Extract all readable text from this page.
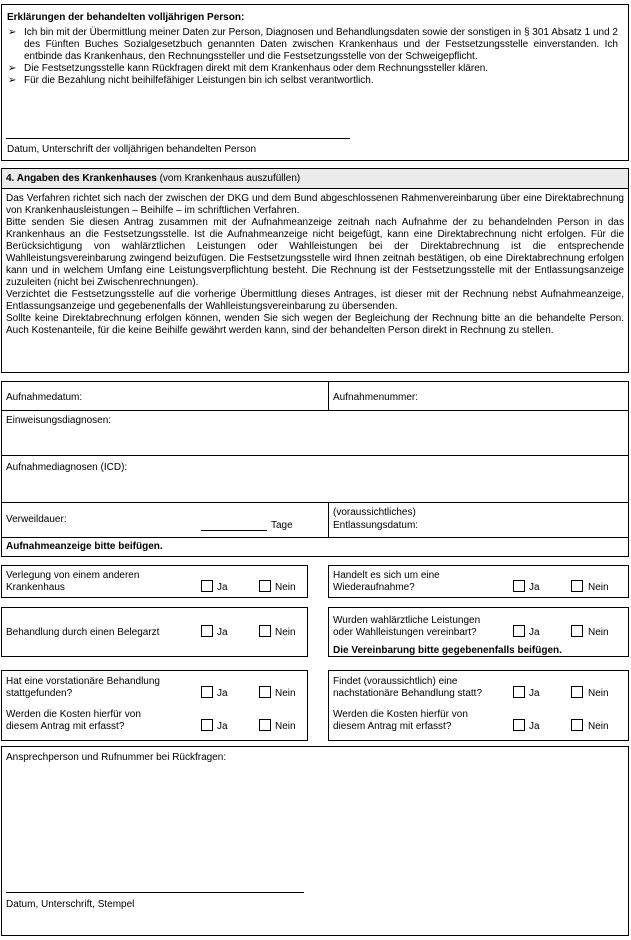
Erklärungen der behandelten volljährigen Person:
➢ Ich bin mit der Übermittlung meiner Daten zur Person, Diagnosen und Behandlungsdaten sowie der sonstigen in § 301 Absatz 1 und 2 des Fünften Buches Sozialgesetzbuch genannten Daten zwischen Krankenhaus und der Festsetzungsstelle einverstanden. Ich entbinde das Krankenhaus, den Rechnungssteller und die Festsetzungsstelle von der Schweigepflicht.
➢ Die Festsetzungsstelle kann Rückfragen direkt mit dem Krankenhaus oder dem Rechnungssteller klären.
➢ Für die Bezahlung nicht beihilfefähiger Leistungen bin ich selbst verantwortlich.
Datum, Unterschrift der volljährigen behandelten Person
4. Angaben des Krankenhauses (vom Krankenhaus auszufüllen)

Das Verfahren richtet sich nach der zwischen der DKG und dem Bund abgeschlossenen Rahmenvereinbarung über eine Direktabrechnung von Krankenhausleistungen – Beihilfe – im schriftlichen Verfahren.

Bitte senden Sie diesen Antrag zusammen mit der Aufnahmeanzeige zeitnah nach Aufnahme der zu behandelnden Person in das Krankenhaus an die Festsetzungsstelle. Ist die Aufnahmeanzeige nicht beigefügt, kann eine Direktabrechnung nicht erfolgen. Für die Berücksichtigung von wahlärztlichen Leistungen oder Wahlleistungen bei der Direktabrechnung ist die entsprechende Wahlleistungsvereinbarung zwingend beizufügen. Die Festsetzungsstelle wird Ihnen zeitnah bestätigen, ob eine Direktabrechnung erfolgen kann und in welchem Umfang eine Leistungsverpflichtung besteht. Die Rechnung ist der Festsetzungsstelle mit der Entlassungsanzeige zuzuleiten (nicht bei Zwischenrechnungen).

Verzichtet die Festsetzungsstelle auf die vorherige Übermittlung dieses Antrages, ist dieser mit der Rechnung nebst Aufnahmeanzeige, Entlassungsanzeige und gegebenenfalls der Wahlleistungsvereinbarung zu übersenden.

Sollte keine Direktabrechnung erfolgen können, wenden Sie sich wegen der Begleichung der Rechnung bitte an die behandelte Person. Auch Kostenanteile, für die keine Beihilfe gewährt werden kann, sind der behandelten Person direkt in Rechnung zu stellen.

Aufnahmedatum:	Aufnahmenummer:
Einweisungsdiagnosen:
Aufnahmediagnosen (ICD):
Verweildauer:
Tage
(voraussichtliches)
Entlassungsdatum:
Aufnahmeanzeige bitte beifügen.
Verlegung von einem anderen
Krankenhaus	Ja	Nein
Handelt es sich um eine
Wiederaufnahme?	Ja	Nein
Behandlung durch einen Belegarzt	Ja	Nein
Wurden wahlärztliche Leistungen
oder Wahlleistungen vereinbart?	Ja	Nein
Die Vereinbarung bitte gegebenenfalls beifügen.
Hat eine vorstationäre Behandlung
stattgefunden?	Ja	Nein
Werden die Kosten hierfür von
diesem Antrag mit erfasst?	Ja	Nein
Findet (voraussichtlich) eine
nachstationäre Behandlung statt?	Ja	Nein
Werden die Kosten hierfür von
diesem Antrag mit erfasst?	Ja	Nein
Ansprechperson und Rufnummer bei Rückfragen:
Datum, Unterschrift, Stempel
